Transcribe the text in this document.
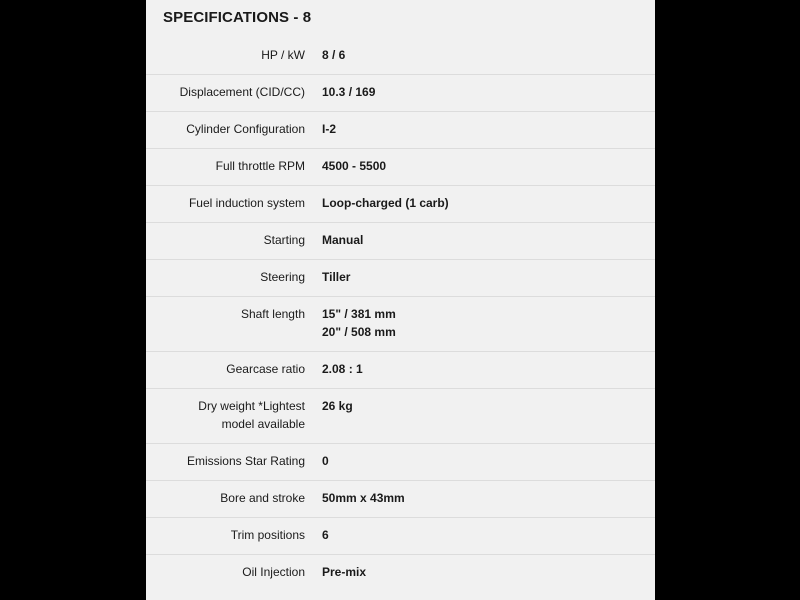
SPECIFICATIONS - 8
HP / kW 8 / 6
Displacement (CID/CC) 10.3 / 169
Cylinder Configuration I-2
Full throttle RPM 4500 - 5500
Fuel induction system Loop-charged (1 carb)
Starting Manual
Steering Tiller
Shaft length 15" / 381 mm
20" / 508 mm
Gearcase ratio 2.08 : 1
Dry weight *Lightest
model available
26 kg
Emissions Star Rating 0
Bore and stroke 50mm x 43mm
Trim positions 6
Oil Injection Pre-mix
